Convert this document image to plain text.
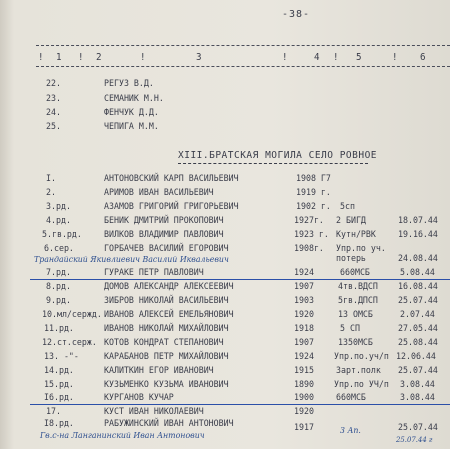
-38-
! 1 ! 2	!	3	!	4 ! 5	! 6
22.	РЕГУЗ В.Д.
23.	СЕМАНИК М.Н.
24.	ФЕНЧУК Д.Д.
25.	ЧЕПИГА М.М.
XIII.БРАТСКАЯ МОГИЛА СЕЛО РОВНОЕ
I.	АНТОНОВСКИЙ КАРП ВАСИЛЬЕВИЧ	1908 Г7
2.	АРИМОВ ИВАН ВАСИЛЬЕВИЧ	1919 г.
3.рд.	АЗАМОВ ГРИГОРИЙ ГРИГОРЬЕВИЧ	1902 г. 5сп
4.рд.	БЕНИК ДМИТРИЙ ПРОКОПОВИЧ	1927г. 2 БИГД	18.07.44
5.гв.рд. ВИЛКОВ ВЛАДИМИР ПАВЛОВИЧ	1923 г. Кутн/РВК 19.16.44
6.сер.	ГОРБАЧЕВ ВАСИЛИЙ ЕГОРОВИЧ	1908г. Упр.по уч. потерь	24.08.44
Трандайский Якивлиевич Василий Иквальевич
7.рд.	ГУРАКЕ ПЕТР ПАВЛОВИЧ	1924	660МСБ	5.08.44
8.рд.	ДОМОВ АЛЕКСАНДР АЛЕКСЕЕВИЧ	1907	4тв.ВДСП 16.08.44
9.рд.	ЗИБРОВ НИКОЛАЙ ВАСИЛЬЕВИЧ	1903	5гв.ДПСП 25.07.44
10.мл/сержд. ИВАНОВ АЛЕКСЕЙ ЕМЕЛЬЯНОВИЧ	1920	13 ОМСБ	2.07.44
11.рд.	ИВАНОВ НИКОЛАЙ МИХАЙЛОВИЧ	1918	5 СП	27.05.44
12.ст.серж. КОТОВ КОНДРАТ СТЕПАНОВИЧ	1907	1350МСБ	25.08.44
13. -"-	КАРАБАНОВ ПЕТР МИХАЙЛОВИЧ	1924 Упр.по.уч/п 12.06.44
14.рд.	КАЛИТКИН ЕГОР ИВАНОВИЧ	1915 Зарт.полк 25.07.44
15.рд.	КУЗЬМЕНКО КУЗЬМА ИВАНОВИЧ	1890 Упр.по УЧ/п 3.08.44
I6.рд.	КУРГАНОВ КУЧАР	1900 660МСБ	3.08.44
17.	КУСТ ИВАН НИКОЛАЕВИЧ	1920
I8.рд.	РАБУЖИНСКИЙ ИВАН АНТОНОВИЧ	1917	25.07.44
3 Ап.
Гв.с-на Ланганинский Иван Антонович	25.07.44 г
